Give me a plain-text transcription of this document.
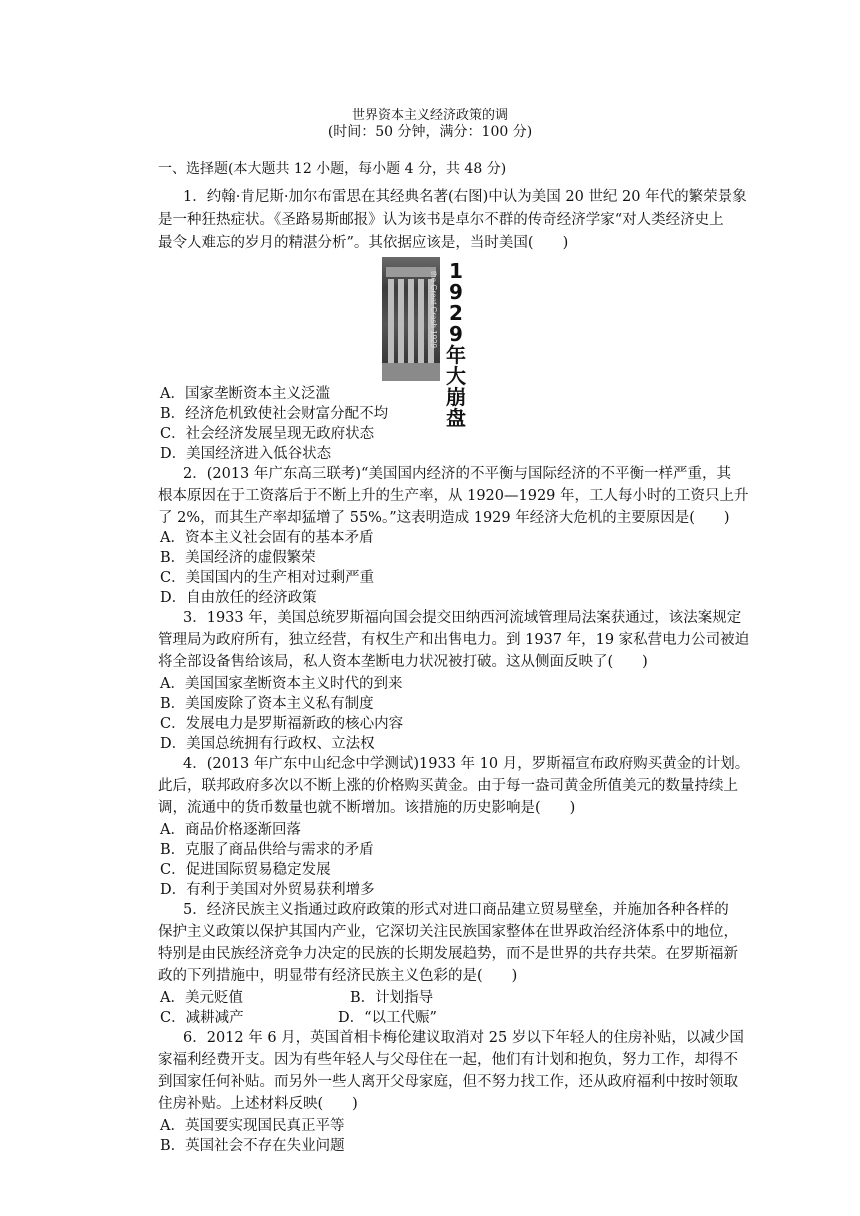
世界资本主义经济政策的调
(时间：50 分钟，满分：100 分)
一、选择题(本大题共 12 小题，每小题 4 分，共 48 分)
1．约翰·肯尼斯·加尔布雷思在其经典名著(右图)中认为美国 20 世纪 20 年代的繁荣景象
是一种狂热症状。《圣路易斯邮报》认为该书是卓尔不群的传奇经济学家“对人类经济史上
最令人难忘的岁月的精湛分析”。其依据应该是，当时美国(　　)
the Great Crash 1929 1
9
2
9
年
大
崩
盘
A．国家垄断资本主义泛滥
B．经济危机致使社会财富分配不均
C．社会经济发展呈现无政府状态
D．美国经济进入低谷状态
2．(2013 年广东高三联考)“美国国内经济的不平衡与国际经济的不平衡一样严重，其
根本原因在于工资落后于不断上升的生产率，从 1920—1929 年，工人每小时的工资只上升
了 2%，而其生产率却猛增了 55%。”这表明造成 1929 年经济大危机的主要原因是(　　)
A．资本主义社会固有的基本矛盾
B．美国经济的虚假繁荣
C．美国国内的生产相对过剩严重
D．自由放任的经济政策
3．1933 年，美国总统罗斯福向国会提交田纳西河流域管理局法案获通过，该法案规定
管理局为政府所有，独立经营，有权生产和出售电力。到 1937 年，19 家私营电力公司被迫
将全部设备售给该局，私人资本垄断电力状况被打破。这从侧面反映了(　　)
A．美国国家垄断资本主义时代的到来
B．美国废除了资本主义私有制度
C．发展电力是罗斯福新政的核心内容
D．美国总统拥有行政权、立法权
4．(2013 年广东中山纪念中学测试)1933 年 10 月，罗斯福宣布政府购买黄金的计划。
此后，联邦政府多次以不断上涨的价格购买黄金。由于每一盎司黄金所值美元的数量持续上
调，流通中的货币数量也就不断增加。该措施的历史影响是(　　)
A．商品价格逐渐回落
B．克服了商品供给与需求的矛盾
C．促进国际贸易稳定发展
D．有利于美国对外贸易获利增多
5．经济民族主义指通过政府政策的形式对进口商品建立贸易壁垒，并施加各种各样的
保护主义政策以保护其国内产业，它深切关注民族国家整体在世界政治经济体系中的地位，
特别是由民族经济竞争力决定的民族的长期发展趋势，而不是世界的共存共荣。在罗斯福新
政的下列措施中，明显带有经济民族主义色彩的是(　　)
A．美元贬值	B．计划指导
C．减耕减产	D．“以工代赈”
6．2012 年 6 月，英国首相卡梅伦建议取消对 25 岁以下年轻人的住房补贴，以减少国
家福利经费开支。因为有些年轻人与父母住在一起，他们有计划和抱负，努力工作，却得不
到国家任何补贴。而另外一些人离开父母家庭，但不努力找工作，还从政府福利中按时领取
住房补贴。上述材料反映(　　)
A．英国要实现国民真正平等
B．英国社会不存在失业问题
